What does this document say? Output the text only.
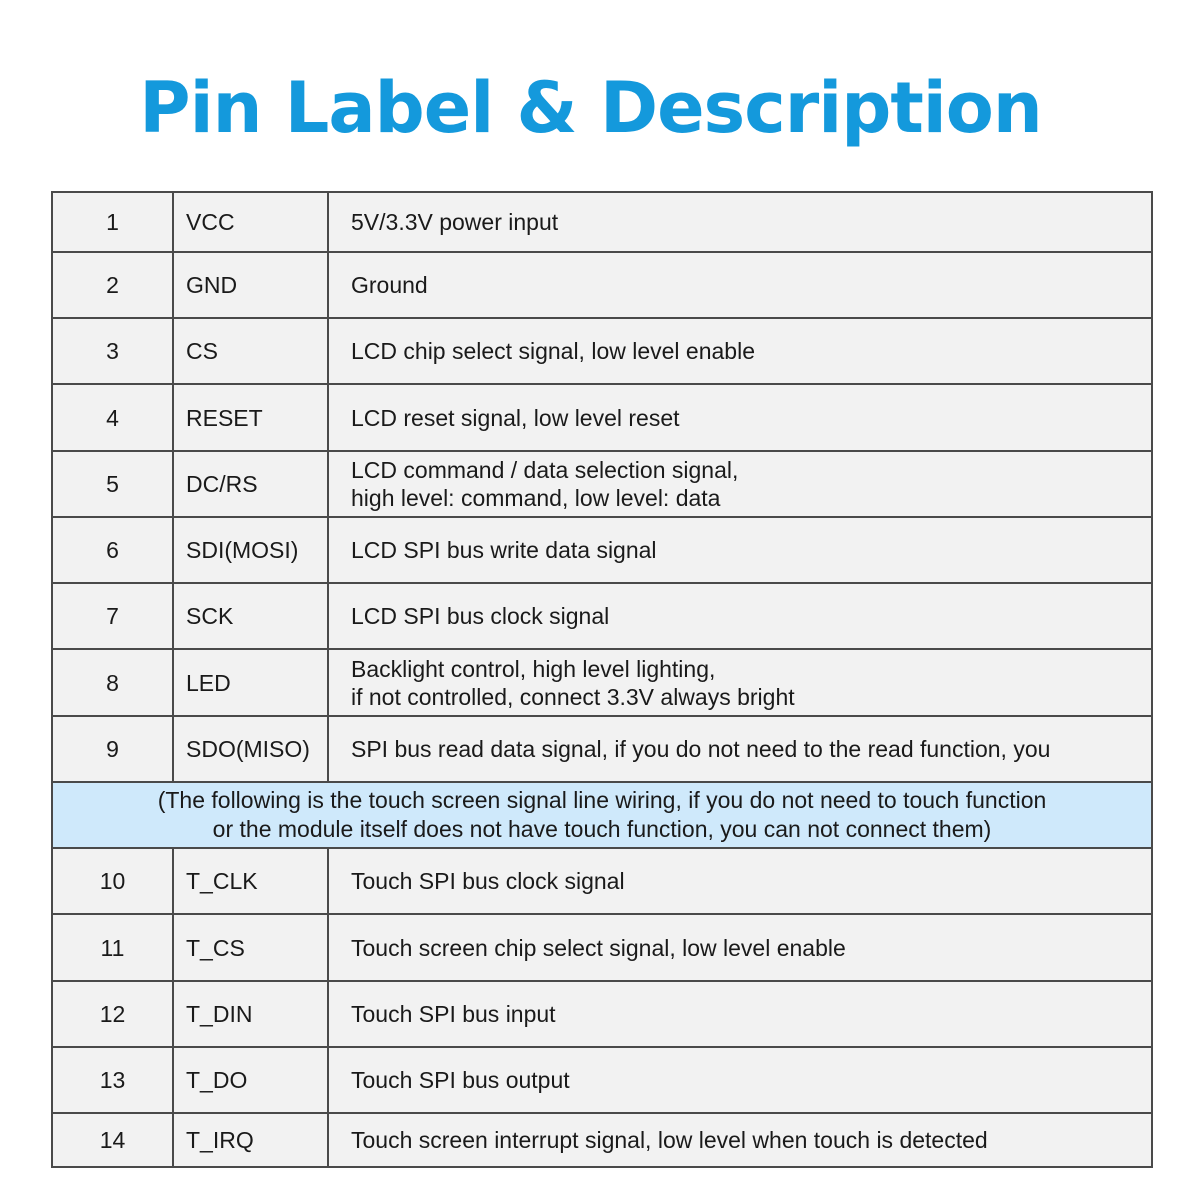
Pin Label & Description
1	VCC	5V/3.3V power input
2	GND	Ground
3	CS	LCD chip select signal, low level enable
4	RESET	LCD reset signal, low level reset
5	DC/RS	LCD command / data selection signal,
high level: command, low level: data

6	SDI(MOSI)	LCD SPI bus write data signal
7	SCK	LCD SPI bus clock signal
8	LED	Backlight control, high level lighting,
if not controlled, connect 3.3V always bright

9	SDO(MISO)	SPI bus read data signal, if you do not need to the read function, you

(The following is the touch screen signal line wiring, if you do not need to touch function
or the module itself does not have touch function, you can not connect them)		

10	T_CLK	Touch SPI bus clock signal
11	T_CS	Touch screen chip select signal, low level enable
12	T_DIN	Touch SPI bus input
13	T_DO	Touch SPI bus output
14	T_IRQ	Touch screen interrupt signal, low level when touch is detected
